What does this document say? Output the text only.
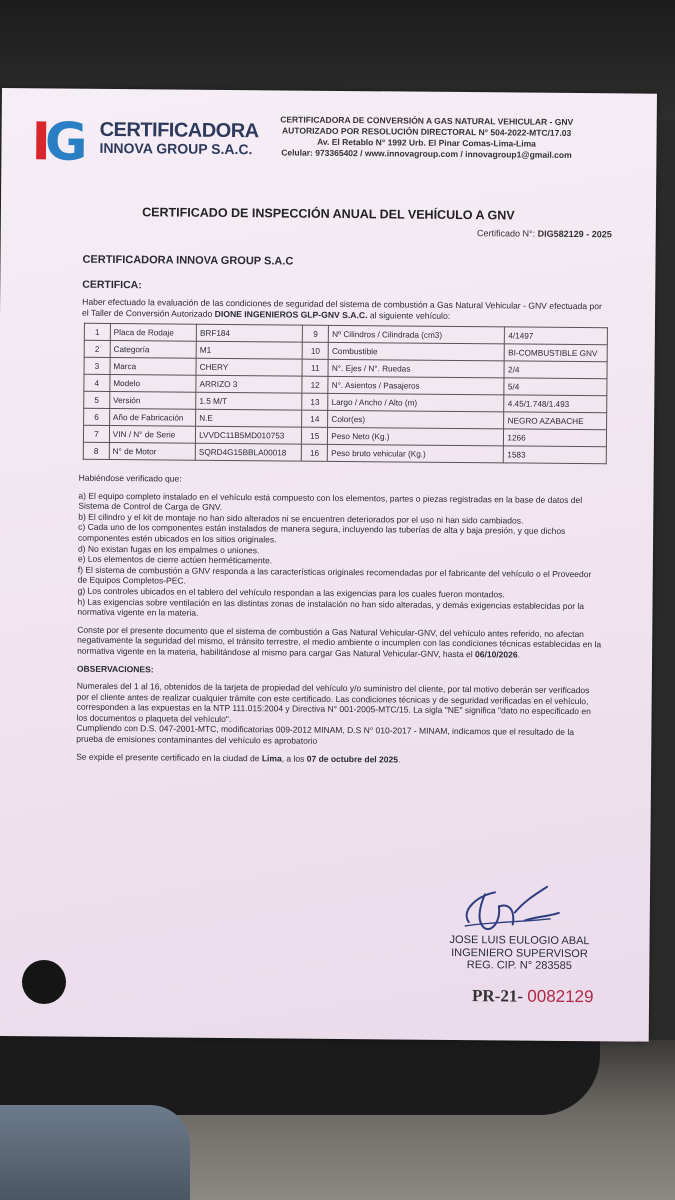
IG CERTIFICADORA
INNOVA GROUP S.A.C.
CERTIFICADORA DE CONVERSIÓN A GAS NATURAL VEHICULAR - GNV
AUTORIZADO POR RESOLUCIÓN DIRECTORAL N° 504-2022-MTC/17.03
Av. El Retablo N° 1992 Urb. El Pinar Comas-Lima-Lima
Celular: 973365402 / www.innovagroup.com / innovagroup1@gmail.com
CERTIFICADO DE INSPECCIÓN ANUAL DEL VEHÍCULO A GNV
Certificado N°: DIG582129 - 2025
CERTIFICADORA INNOVA GROUP S.A.C
CERTIFICA:
Haber efectuado la evaluación de las condiciones de seguridad del sistema de combustión a Gas Natural Vehicular - GNV efectuada por el Taller de Conversión Autorizado DIONE INGENIEROS GLP-GNV S.A.C. al siguiente vehículo:
1	Placa de Rodaje	BRF184	9	Nº Cilindros / Cilindrada (cm3)	4/1497
2	Categoría	M1	10	Combustible	BI-COMBUSTIBLE GNV
3	Marca	CHERY	11	N°. Ejes / N°. Ruedas	2/4
4	Modelo	ARRIZO 3	12	N°. Asientos / Pasajeros	5/4
5	Versión	1.5 M/T	13	Largo / Ancho / Alto (m)	4.45/1.748/1.493
6	Año de Fabricación	N.E	14	Color(es)	NEGRO AZABACHE
7	VIN / N° de Serie	LVVDC11B5MD010753	15	Peso Neto (Kg.)	1266
8	N° de Motor	SQRD4G15BBLA00018	16	Peso bruto vehicular (Kg.)	1583

Habiéndose verificado que:

a) El equipo completo instalado en el vehículo está compuesto con los elementos, partes o piezas registradas en la base de datos del Sistema de Control de Carga de GNV.

b) El cilindro y el kit de montaje no han sido alterados ni se encuentren deteriorados por el uso ni han sido cambiados.

c) Cada uno de los componentes están instalados de manera segura, incluyendo las tuberías de alta y baja presión, y que dichos componentes estén ubicados en los sitios originales.

d) No existan fugas en los empalmes o uniones.

e) Los elementos de cierre actúen herméticamente.

f) El sistema de combustión a GNV responda a las características originales recomendadas por el fabricante del vehículo o el Proveedor de Equipos Completos-PEC.

g) Los controles ubicados en el tablero del vehículo respondan a las exigencias para los cuales fueron montados.

h) Las exigencias sobre ventilación en las distintas zonas de instalación no han sido alteradas, y demás exigencias establecidas por la normativa vigente en la materia.

Conste por el presente documento que el sistema de combustión a Gas Natural Vehicular-GNV, del vehículo antes referido, no afectan negativamente la seguridad del mismo, el tránsito terrestre, el medio ambiente o incumplen con las condiciones técnicas establecidas en la normativa vigente en la materia, habilitándose al mismo para cargar Gas Natural Vehicular-GNV, hasta el 06/10/2026.

OBSERVACIONES:

Numerales del 1 al 16, obtenidos de la tarjeta de propiedad del vehículo y/o suministro del cliente, por tal motivo deberán ser verificados por el cliente antes de realizar cualquier trámite con este certificado. Las condiciones técnicas y de seguridad verificadas en el vehículo, corresponden a las expuestas en la NTP 111.015:2004 y Directiva N° 001-2005-MTC/15. La sigla "NE" significa "dato no especificado en los documentos o plaqueta del vehículo".

Cumpliendo con D.S. 047-2001-MTC, modificatorias 009-2012 MINAM, D.S N° 010-2017 - MINAM, indicamos que el resultado de la prueba de emisiones contaminantes del vehículo es aprobatorio

Se expide el presente certificado en la ciudad de Lima, a los 07 de octubre del 2025.

JOSE LUIS EULOGIO ABAL
INGENIERO SUPERVISOR
REG. CIP. N° 283585
PR-21- 0082129
